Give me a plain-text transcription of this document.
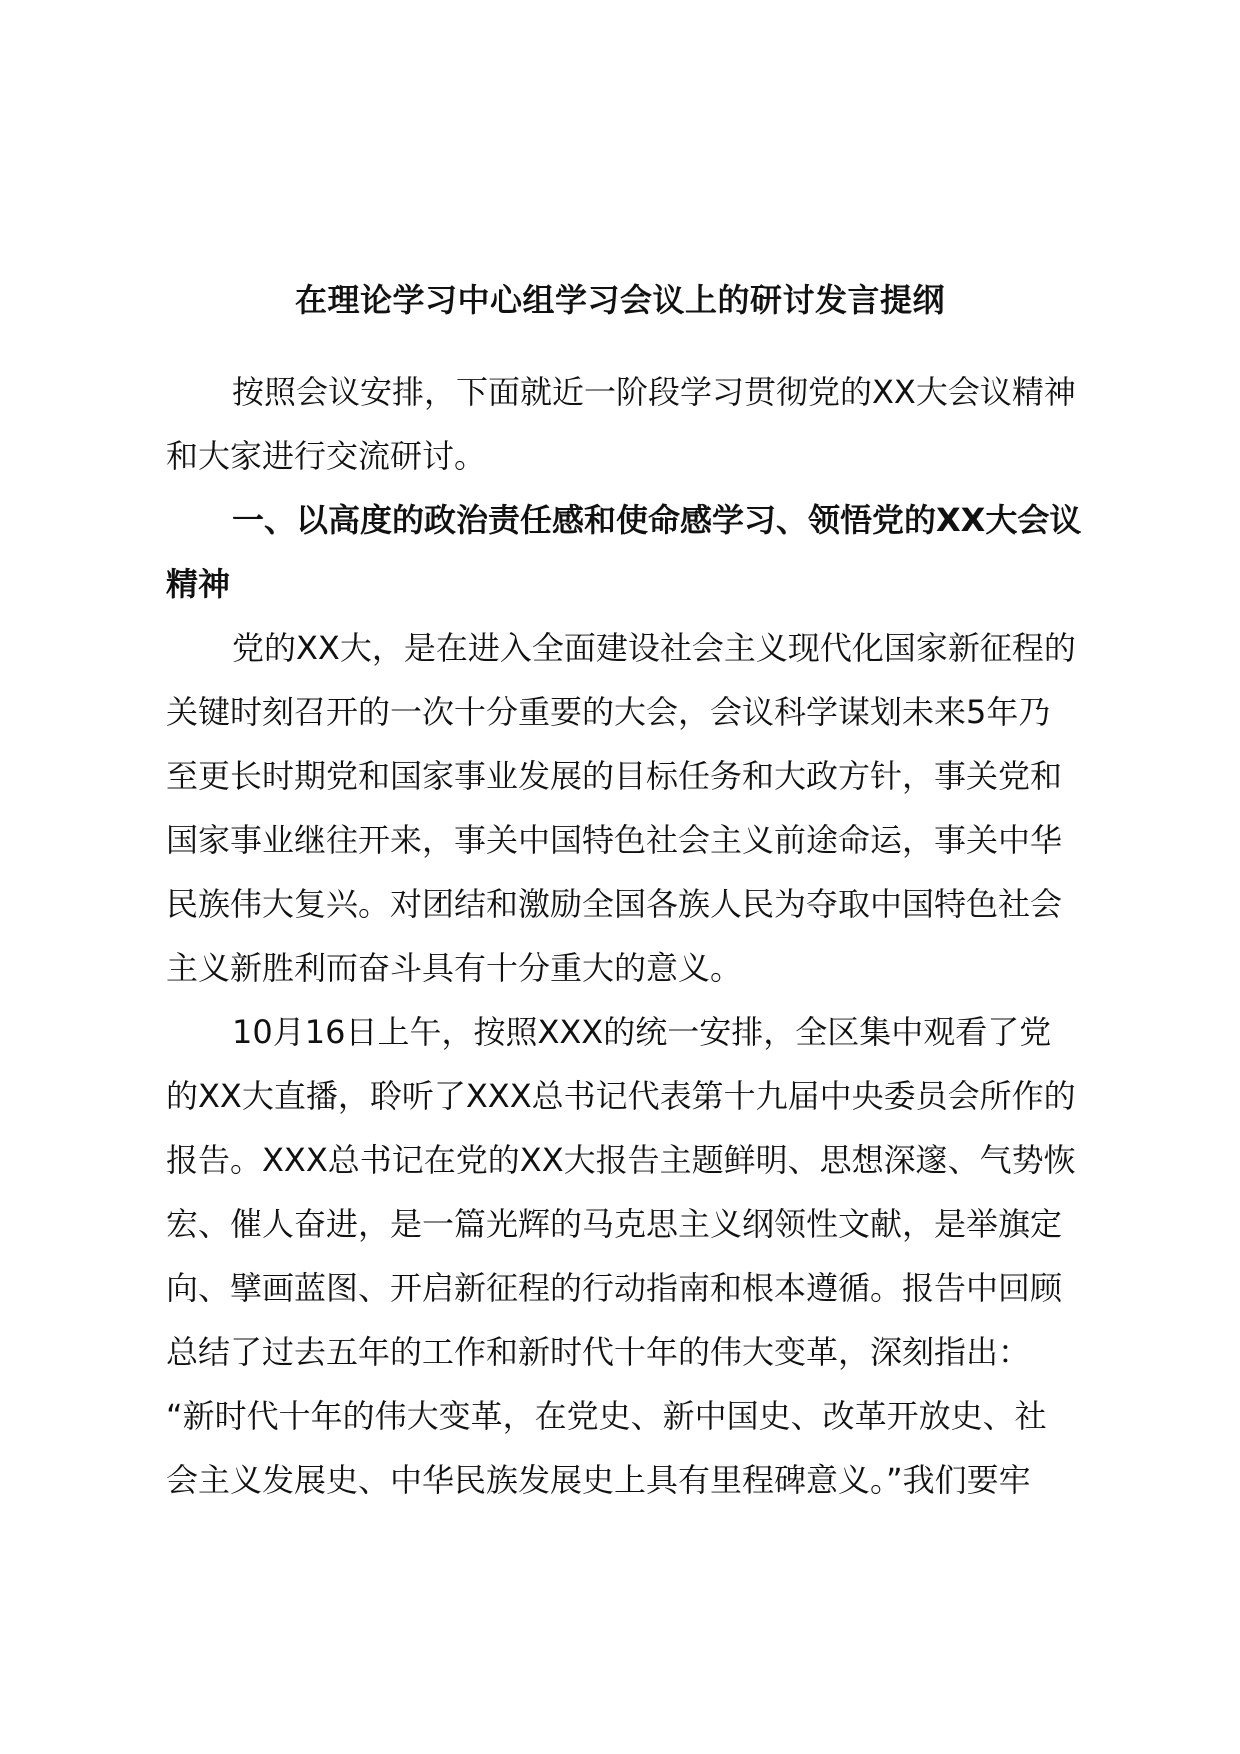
在理论学习中心组学习会议上的研讨发言提纲
按照会议安排，下面就近一阶段学习贯彻党的XX大会议精神
和大家进行交流研讨。
一、以高度的政治责任感和使命感学习、领悟党的XX大会议
精神
党的XX大，是在进入全面建设社会主义现代化国家新征程的
关键时刻召开的一次十分重要的大会，会议科学谋划未来5年乃
至更长时期党和国家事业发展的目标任务和大政方针，事关党和
国家事业继往开来，事关中国特色社会主义前途命运，事关中华
民族伟大复兴。对团结和激励全国各族人民为夺取中国特色社会
主义新胜利而奋斗具有十分重大的意义。
10月16日上午，按照XXX的统一安排，全区集中观看了党
的XX大直播，聆听了XXX总书记代表第十九届中央委员会所作的
报告。XXX总书记在党的XX大报告主题鲜明、思想深邃、气势恢
宏、催人奋进，是一篇光辉的马克思主义纲领性文献，是举旗定
向、擘画蓝图、开启新征程的行动指南和根本遵循。报告中回顾
总结了过去五年的工作和新时代十年的伟大变革，深刻指出：
“新时代十年的伟大变革，在党史、新中国史、改革开放史、社
会主义发展史、中华民族发展史上具有里程碑意义。”我们要牢
